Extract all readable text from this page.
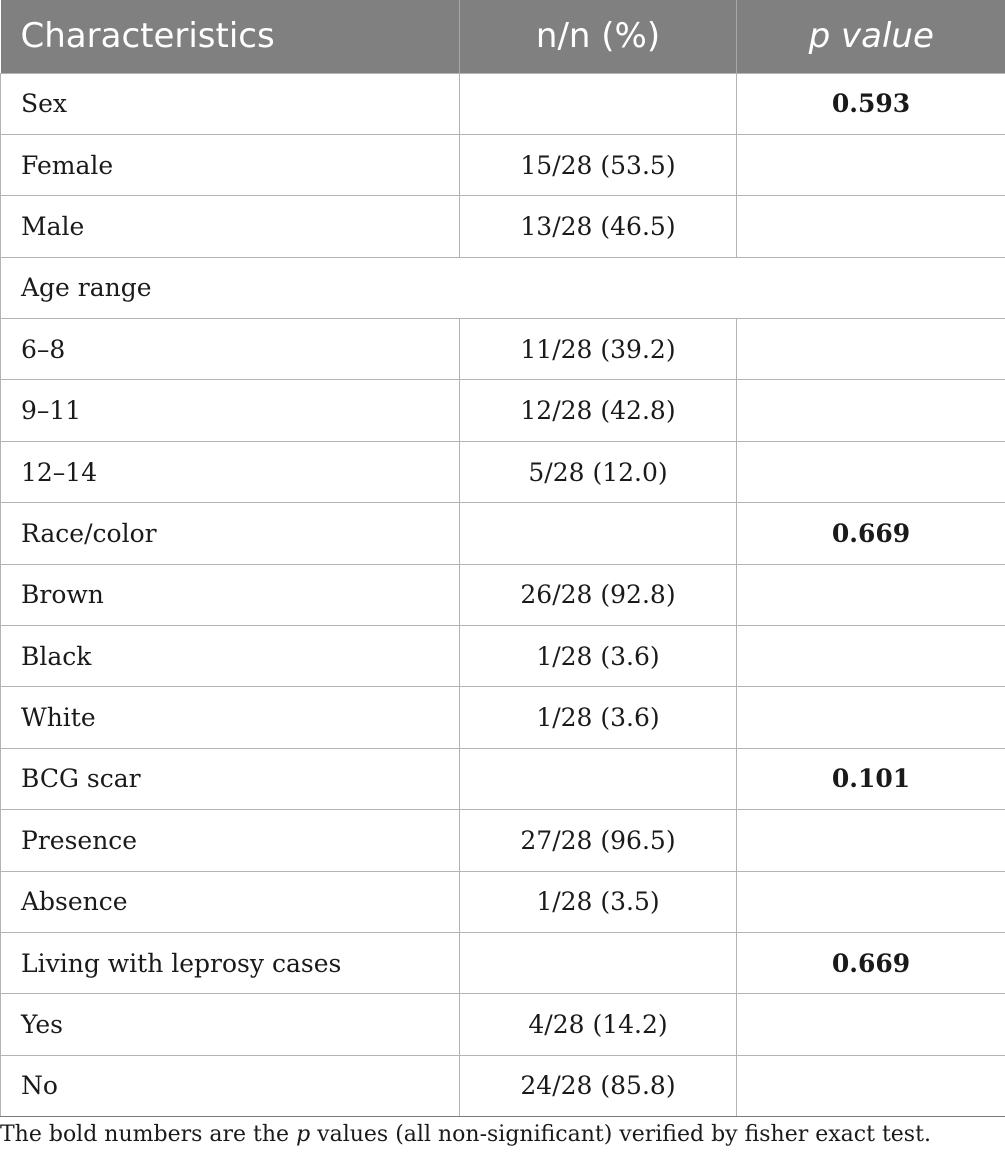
Characteristics	n/n (%)	p value
Sex		0.593
Female	15/28 (53.5)	
Male	13/28 (46.5)	
Age range		
6–8	11/28 (39.2)	
9–11	12/28 (42.8)	
12–14	5/28 (12.0)	
Race/color		0.669
Brown	26/28 (92.8)	
Black	1/28 (3.6)	
White	1/28 (3.6)	
BCG scar		0.101
Presence	27/28 (96.5)	
Absence	1/28 (3.5)	
Living with leprosy cases		0.669
Yes	4/28 (14.2)	
No	24/28 (85.8)	
The bold numbers are the p values (all non-significant) verified by fisher exact test.
